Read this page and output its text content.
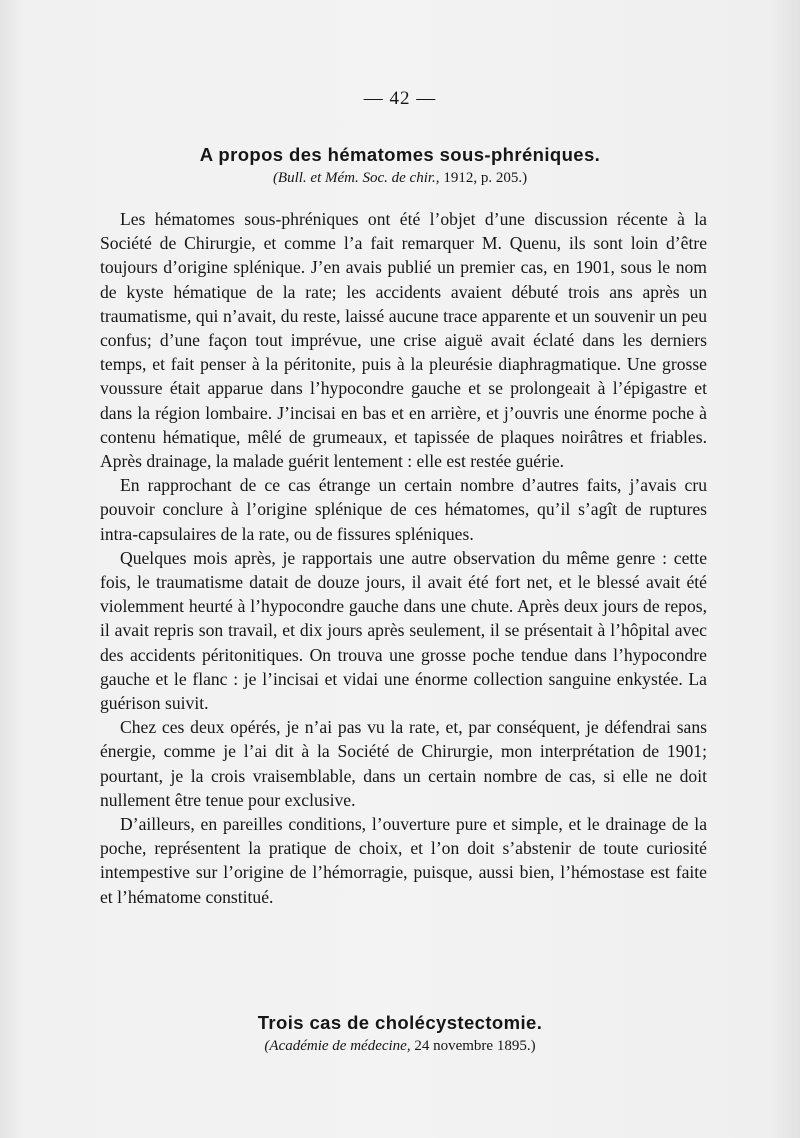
— 42 —
A propos des hématomes sous-phréniques.

(Bull. et Mém. Soc. de chir., 1912, p. 205.)

Les hématomes sous-phréniques ont été l’objet d’une discussion récente à la Société de Chirurgie, et comme l’a fait remarquer M. Quenu, ils sont loin d’être toujours d’origine splénique. J’en avais publié un premier cas, en 1901, sous le nom de kyste hématique de la rate; les accidents avaient débuté trois ans après un traumatisme, qui n’avait, du reste, laissé aucune trace apparente et un souvenir un peu confus; d’une façon tout imprévue, une crise aiguë avait éclaté dans les derniers temps, et fait penser à la péritonite, puis à la pleurésie diaphragmatique. Une grosse voussure était apparue dans l’hypocondre gauche et se prolongeait à l’épigastre et dans la région lombaire. J’incisai en bas et en arrière, et j’ouvris une énorme poche à contenu hématique, mêlé de grumeaux, et tapissée de plaques noirâtres et friables. Après drainage, la malade guérit lentement : elle est restée guérie.

En rapprochant de ce cas étrange un certain nombre d’autres faits, j’avais cru pouvoir conclure à l’origine splénique de ces hématomes, qu’il s’agît de ruptures intra-capsulaires de la rate, ou de fissures spléniques.

Quelques mois après, je rapportais une autre observation du même genre : cette fois, le traumatisme datait de douze jours, il avait été fort net, et le blessé avait été violemment heurté à l’hypocondre gauche dans une chute. Après deux jours de repos, il avait repris son travail, et dix jours après seulement, il se présentait à l’hôpital avec des accidents péritonitiques. On trouva une grosse poche tendue dans l’hypocondre gauche et le flanc : je l’incisai et vidai une énorme collection sanguine enkystée. La guérison suivit.

Chez ces deux opérés, je n’ai pas vu la rate, et, par conséquent, je défendrai sans énergie, comme je l’ai dit à la Société de Chirurgie, mon interprétation de 1901; pourtant, je la crois vraisemblable, dans un certain nombre de cas, si elle ne doit nullement être tenue pour exclusive.

D’ailleurs, en pareilles conditions, l’ouverture pure et simple, et le drainage de la poche, représentent la pratique de choix, et l’on doit s’abstenir de toute curiosité intempestive sur l’origine de l’hémorragie, puisque, aussi bien, l’hémostase est faite et l’hématome constitué.

Trois cas de cholécystectomie.

(Académie de médecine, 24 novembre 1895.)
